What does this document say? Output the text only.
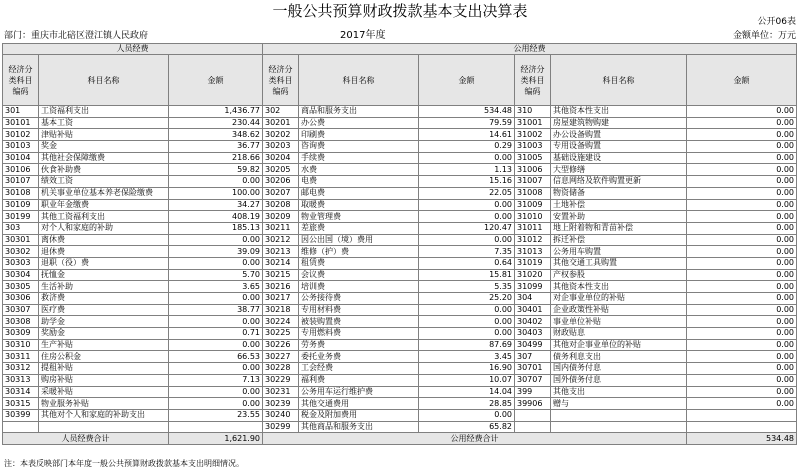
一般公共预算财政拨款基本支出决算表
公开06表
部门：重庆市北碚区澄江镇人民政府	2017年度	金额单位：万元
人员经费			公用经费					
经济分类科目编码	科目名称	金额	经济分类科目编码	科目名称	金额	经济分类科目编码	科目名称	金额
301	工资福利支出	1,436.77	302	商品和服务支出	534.48	310	其他资本性支出	0.00
30101	基本工资	230.44	30201	办公费	79.59	31001	房屋建筑物购建	0.00
30102	津贴补贴	348.62	30202	印刷费	14.61	31002	办公设备购置	0.00
30103	奖金	36.77	30203	咨询费	0.29	31003	专用设备购置	0.00
30104	其他社会保障缴费	218.66	30204	手续费	0.00	31005	基础设施建设	0.00
30106	伙食补助费	59.82	30205	水费	1.13	31006	大型修缮	0.00
30107	绩效工资	0.00	30206	电费	15.16	31007	信息网络及软件购置更新	0.00
30108	机关事业单位基本养老保险缴费	100.00	30207	邮电费	22.05	31008	物资储备	0.00
30109	职业年金缴费	34.27	30208	取暖费	0.00	31009	土地补偿	0.00
30199	其他工资福利支出	408.19	30209	物业管理费	0.00	31010	安置补助	0.00
303	对个人和家庭的补助	185.13	30211	差旅费	120.47	31011	地上附着物和青苗补偿	0.00
30301	离休费	0.00	30212	因公出国（境）费用	0.00	31012	拆迁补偿	0.00
30302	退休费	39.09	30213	维修（护）费	7.35	31013	公务用车购置	0.00
30303	退职（役）费	0.00	30214	租赁费	0.64	31019	其他交通工具购置	0.00
30304	抚恤金	5.70	30215	会议费	15.81	31020	产权参股	0.00
30305	生活补助	3.65	30216	培训费	5.35	31099	其他资本性支出	0.00
30306	救济费	0.00	30217	公务接待费	25.20	304	对企事业单位的补贴	0.00
30307	医疗费	38.77	30218	专用材料费	0.00	30401	企业政策性补贴	0.00
30308	助学金	0.00	30224	被装购置费	0.00	30402	事业单位补贴	0.00
30309	奖励金	0.71	30225	专用燃料费	0.00	30403	财政贴息	0.00
30310	生产补贴	0.00	30226	劳务费	87.69	30499	其他对企事业单位的补贴	0.00
30311	住房公积金	66.53	30227	委托业务费	3.45	307	债务利息支出	0.00
30312	提租补贴	0.00	30228	工会经费	16.90	30701	国内债务付息	0.00
30313	购房补贴	7.13	30229	福利费	10.07	30707	国外债务付息	0.00
30314	采暖补贴	0.00	30231	公务用车运行维护费	14.04	399	其他支出	0.00
30315	物业服务补贴	0.00	30239	其他交通费用	28.85	39906	赠与	0.00
30399	其他对个人和家庭的补助支出	23.55	30240	税金及附加费用	0.00			
			30299	其他商品和服务支出	65.82			
人员经费合计		1,621.90	公用经费合计					534.48
注：本表反映部门本年度一般公共预算财政拨款基本支出明细情况。
